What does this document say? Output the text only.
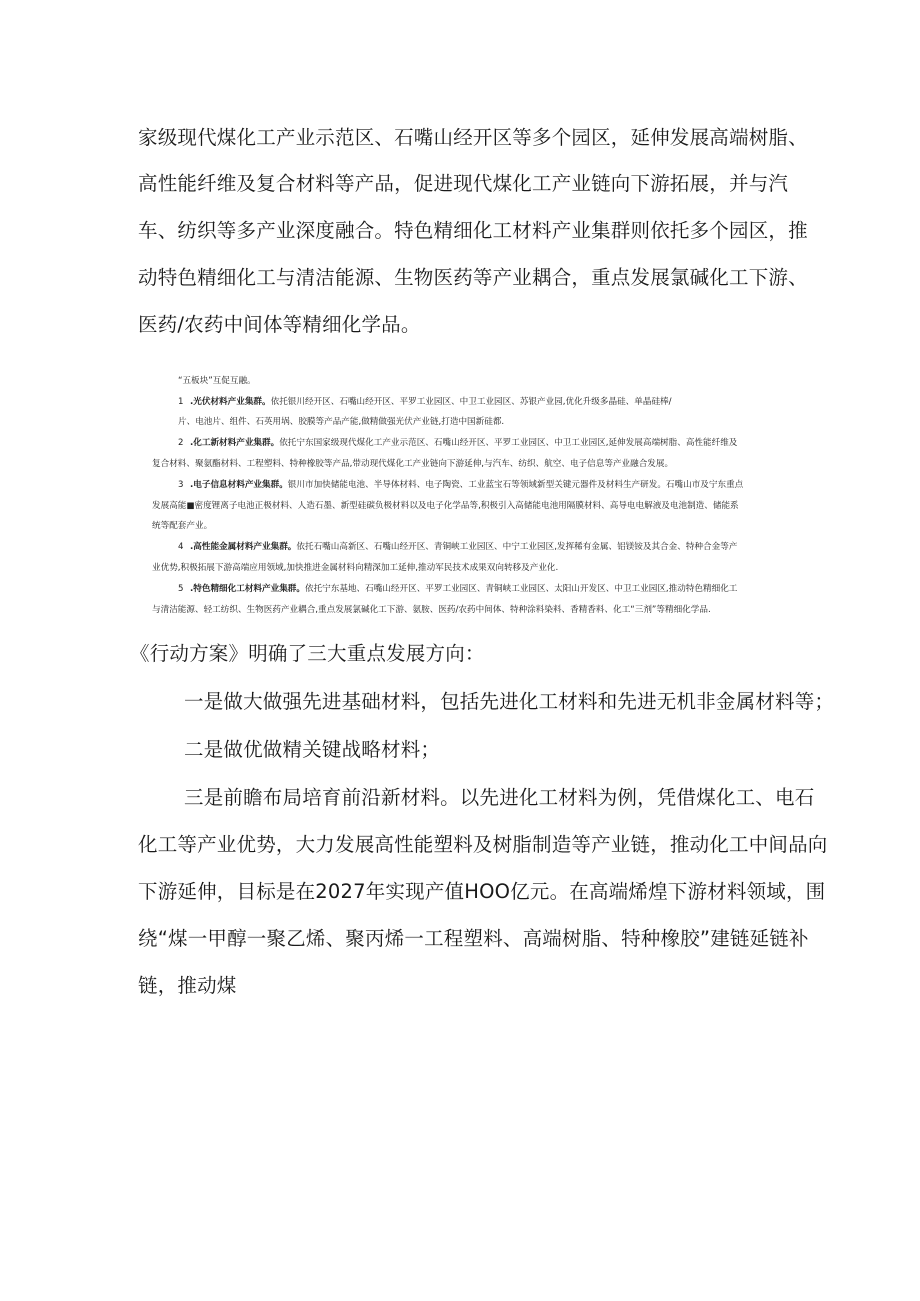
家级现代煤化工产业示范区、石嘴山经开区等多个园区，延伸发展高端树脂、
高性能纤维及复合材料等产品，促进现代煤化工产业链向下游拓展，并与汽
车、纺织等多产业深度融合。特色精细化工材料产业集群则依托多个园区，推
动特色精细化工与清洁能源、生物医药等产业耦合，重点发展氯碱化工下游、
医药/农药中间体等精细化学品。
“五板块”互促互融。
1 .光伏材料产业集群。依托银川经开区、石嘴山经开区、平罗工业园区、中卫工业园区、苏银产业园,优化升级多晶硅、单晶硅棒/
片、电池片、组件、石英用埚、胶膜等产品产能,做精做强光伏产业链,打造中国新硅都.
2 .化工新材料产业集群。依托宁东国家级现代煤化工产业示范区、石嘴山经开区、平罗工业园区、中卫工业园区,延伸发展高端树脂、高性能纤维及
复合材料、聚氨酯材料、工程塑料、特种橡胶等产品,带动现代煤化工产业链向下游延伸,与汽车、纺织、航空、电子信息等产业融合发展。
3 .电子信息材料产业集群。银川市加快储能电池、半导体材料、电子陶瓷、工业蓝宝石等领域新型关键元器件及材料生产研发。石嘴山市及宁东重点
发展高能■密度锂离子电池正极材料、人造石墨、新型硅碳负极材料以及电子化学品等,积极引入高储能电池用隔膜材料、高导电电解液及电池制造、储能系
统等配套产业。
4 .高性能金属材料产业集群。依托石嘴山高新区、石嘴山经开区、青铜峡工业园区、中宁工业园区,发挥稀有金属、铝镁铵及其合金、特种合金等产
业优势,积极拓展下游高端应用领域,加快推进金属材料向精深加工延伸,推动军民技术成果双向转移及产业化.
5 .特色精细化工材料产业集群。依托宁东基地、石嘴山经开区、平罗工业园区、青铜峡工业园区、太阳山开发区、中卫工业园区,推动特色精细化工
与清洁能源、轻工纺织、生物医药产业耦合,重点发展氯碱化工下游、氨胺、医药/农药中间体、特种涂料染料、香精香料、化工“三剂”等精细化学品.
《行动方案》明确了三大重点发展方向：
一是做大做强先进基础材料，包括先进化工材料和先进无机非金属材料等；
二是做优做精关键战略材料；
三是前瞻布局培育前沿新材料。以先进化工材料为例，凭借煤化工、电石
化工等产业优势，大力发展高性能塑料及树脂制造等产业链，推动化工中间品向
下游延伸，目标是在2027年实现产值HOO亿元。在高端烯煌下游材料领域，围
绕“煤一甲醇一聚乙烯、聚丙烯一工程塑料、高端树脂、特种橡胶”建链延链补
链，推动煤
